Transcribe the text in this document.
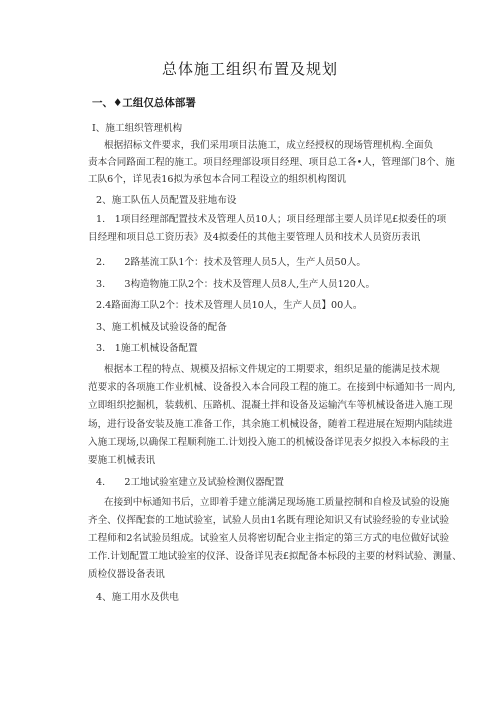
总体施工组织布置及规划
一、♦工组仅总体部署
I、施工组织管理机构
根据招标文件要求，我们采用项目法施工，成立经授权的现场管理机构.全面负
责本合同路面工程的施工。项目经理部设项目经理、项目总工各•人，管理部门8个、施
工队6个，详见表16拟为承包本合同工程设立的组织机构图讥
2、施工队伍人员配置及驻地布设
1.　1项目经理部配置技术及管理人员10人；项目经理部主要人员详见£拟委任的项
目经理和项目总工资历表》及4拟委任的其他主要管理人员和技术人员资历表讯
2.　　2路基流工队1个：技术及管理人员5人，生产人员50人。
3.　　3构造物施工队2个：技术及管理人员8人,生产人员120人。
2.4路面海工队2个：技术及管理人员10人，生产人员】00人。
3、施工机械及试验设备的配备
3.　1施工机械设备配置
根据本工程的特点、规模及招标文件规定的工期要求，组织足量的能满足技术规
范要求的各项施工作业机械、设备投入本合同段工程的施工。在接到中标通知书一周内,
立即组织挖掘机，装载机、压路机、混凝土拌和设备及运输汽车等机械设备进入施工现
场，进行设备安装及施工准备工作，其余施工机械设备，随着工程进展在短期内陆续进
入施工现场,以确保工程顺利施工.计划投入施工的机械设备详见表夕拟投入本标段的主
要施工机械表讯
4.　　2工地试验室建立及试验检测仪器配置
在接到中标通知书后，立即着手建立能满足现场施工质量控制和自检及试验的设施
齐全、仪挥配套的工地试验室，试验人员由1名既有理论知识又有试验经验的专业试验
工程师和2名试验员组成。试验室人员将密切配合业主指定的第三方式的电位做好试验
工作.计划配置工地试验室的仪泽、设备详见表£拟配备本标段的主要的材料试验、测量、
质检仪器设备表讯
4、施工用水及供电
